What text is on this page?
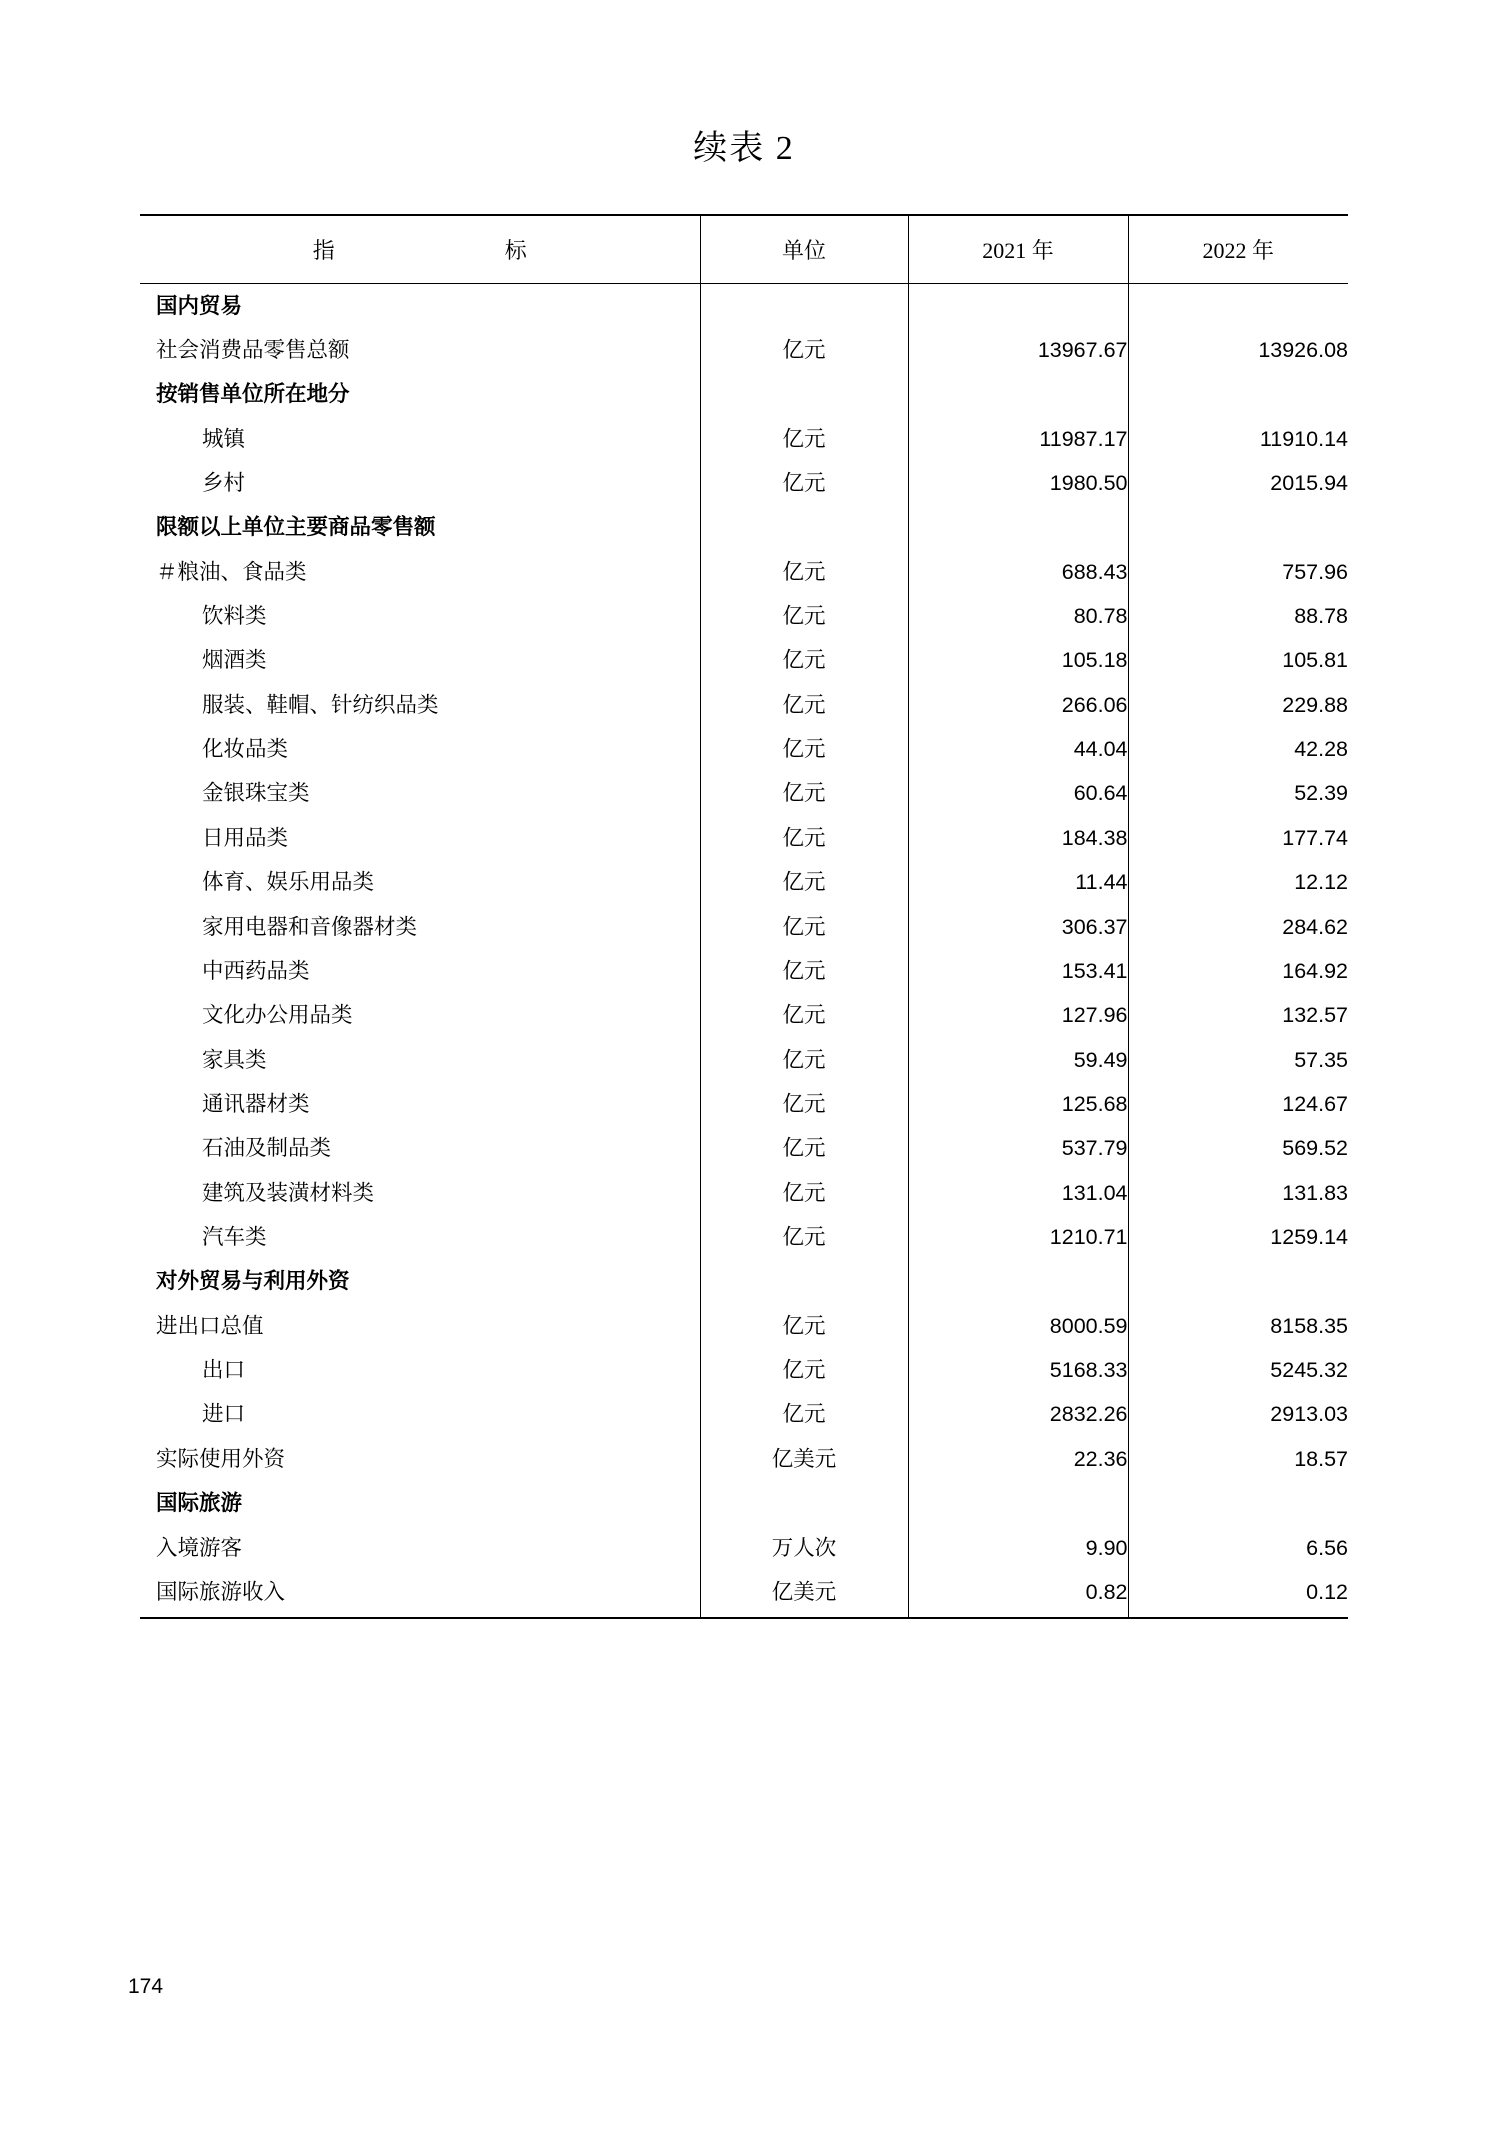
续表 2
指　　　标	单位	2021 年	2022 年
国内贸易			
社会消费品零售总额	亿元	13967.67	13926.08
按销售单位所在地分			
城镇	亿元	11987.17	11910.14
乡村	亿元	1980.50	2015.94
限额以上单位主要商品零售额			
＃粮油、食品类	亿元	688.43	757.96
饮料类	亿元	80.78	88.78
烟酒类	亿元	105.18	105.81
服装、鞋帽、针纺织品类	亿元	266.06	229.88
化妆品类	亿元	44.04	42.28
金银珠宝类	亿元	60.64	52.39
日用品类	亿元	184.38	177.74
体育、娱乐用品类	亿元	11.44	12.12
家用电器和音像器材类	亿元	306.37	284.62
中西药品类	亿元	153.41	164.92
文化办公用品类	亿元	127.96	132.57
家具类	亿元	59.49	57.35
通讯器材类	亿元	125.68	124.67
石油及制品类	亿元	537.79	569.52
建筑及装潢材料类	亿元	131.04	131.83
汽车类	亿元	1210.71	1259.14
对外贸易与利用外资			
进出口总值	亿元	8000.59	8158.35
出口	亿元	5168.33	5245.32
进口	亿元	2832.26	2913.03
实际使用外资	亿美元	22.36	18.57
国际旅游			
入境游客	万人次	9.90	6.56
国际旅游收入	亿美元	0.82	0.12
174
